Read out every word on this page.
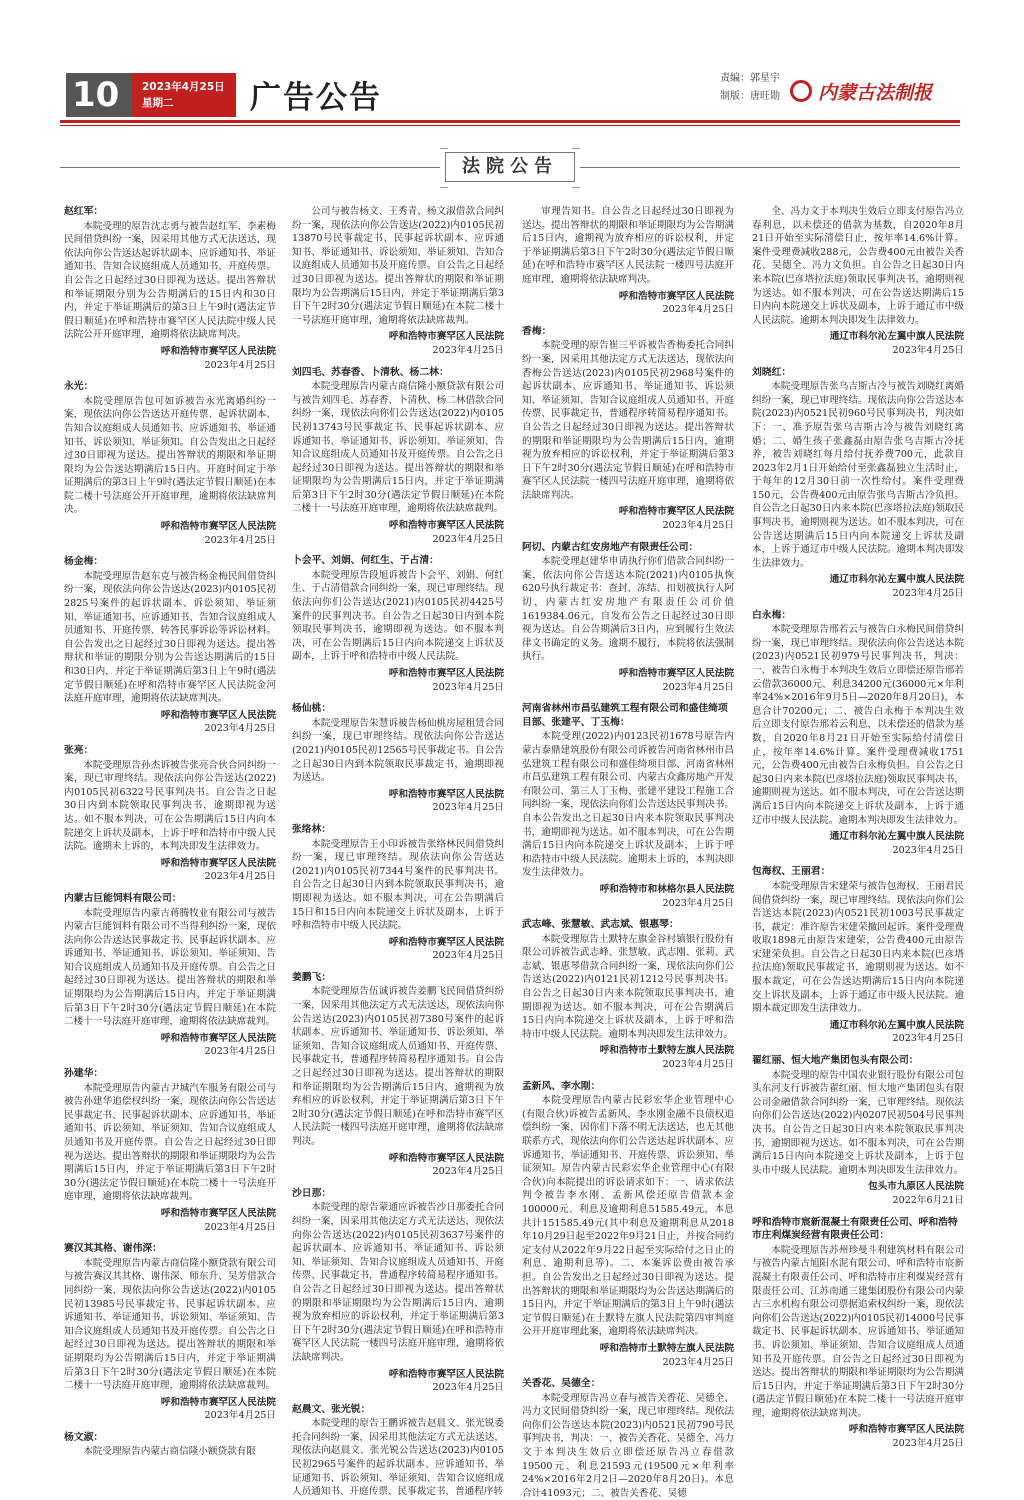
$10^版$
2023年4月25日
星期二	广告公告
责编：郭星宇
制版：唐旺勋 内蒙古法制报
法院公告

赵红军：

本院受理的原告沈志勇与被告赵红军、李素梅民间借贷纠纷一案，因采用其他方式无法送达，现依法向你公告送达起诉状副本、应诉通知书、举证通知书、告知合议庭组成人员通知书、开庭传票。自公告之日起经过30日即视为送达。提出答辩状和举证期限分别为公告期满后的15日内和30日内，并定于举证期满后的第3日上午9时(遇法定节假日顺延)在呼和浩特市赛罕区人民法院中级人民法院公开开庭审理，逾期将依法缺席判决。

呼和浩特市赛罕区人民法院

2023年4月25日

永光：

本院受理原告包可如诉被告永光离婚纠纷一案，现依法向你公告送达开庭传票、起诉状副本、告知合议庭组成人员通知书、应诉通知书、举证通知书、诉讼须知、举证须知。自公告发出之日起经过30日即视为送达。提出答辩状的期限和举证期限均为公告送达期满后15日内。开庭时间定于举证期满后的第3日上午9时(遇法定节假日顺延)在本院二楼十号法庭公开开庭审理，逾期将依法缺席判决。

呼和浩特市赛罕区人民法院

2023年4月25日

杨金梅：

本院受理原告赵东克与被告杨金梅民间借贷纠纷一案，现依法向你公告送达(2023)内0105民初2825号案件的起诉状副本、诉讼须知、举证须知、举证通知书、应诉通知书、告知合议庭组成人员通知书、开庭传票、转答民事诉讼等诉讼材料。自公告发出之日起经过30日即视为送达。提出答辩状和举证的期限分别为公告送达期满后的15日和30日内，并定于举证期满后第3日上午9时(遇法定节假日顺延)在呼和浩特市赛罕区人民法院金河法庭开庭审理，逾期将依法缺席判决。

呼和浩特市赛罕区人民法院

2023年4月25日

张亮：

本院受理原告孙杰诉被告张亮合伙合同纠纷一案，现已审理终结。现依法向你公告送达(2022)内0105民初6322号民事判决书。自公告之日起30日内到本院领取民事判决书，逾期即视为送达。如不服本判决，可在公告期满后15日内向本院递交上诉状及副本，上诉于呼和浩特市中级人民法院。逾期未上诉的，本判决即发生法律效力。

呼和浩特市赛罕区人民法院

2023年4月25日

内蒙古巨能饲料有限公司：

本院受理原告内蒙古蒋腾牧业有限公司与被告内蒙古巨能饲料有限公司不当得利纠纷一案，现依法向你公告送达民事裁定书、民事起诉状副本、应诉通知书、举证通知书、诉讼须知、举证须知、告知合议庭组成人员通知书及开庭传票。自公告之日起经过30日即视为送达。提出答辩状的期限和举证期限均为公告期满后15日内，并定于举证期满后第3日下午2时30分(遇法定节假日顺延)在本院二楼十一号法庭开庭审理，逾期将依法缺席裁判。

呼和浩特市赛罕区人民法院

2023年4月25日

孙建华：

本院受理原告内蒙古尹城汽车服务有限公司与被告孙建华追偿权纠纷一案，现依法向你公告送达民事裁定书、民事起诉状副本、应诉通知书、举证通知书、诉讼须知、举证须知、告知合议庭组成人员通知书及开庭传票。自公告之日起经过30日即视为送达。提出答辩状的期限和举证期限均为公告期满后15日内，并定于举证期满后第3日下午2时30分(遇法定节假日顺延)在本院二楼十一号法庭开庭审理，逾期将依法缺席裁判。

呼和浩特市赛罕区人民法院

2023年4月25日

赛汉其其格、谢伟深：

本院受理原告内蒙古商信隆小额贷款有限公司与被告赛汉其其格、谢伟深、师东升、吴芳借款合同纠纷一案，现依法向你公告送达(2022)内0105民初13985号民事裁定书、民事起诉状副本、应诉通知书、举证通知书、诉讼须知、举证须知、告知合议庭组成人员通知书及开庭传票。自公告之日起经过30日即视为送达。提出答辩状的期限和举证期限均为公告期满后15日内，并定于举证期满后第3日下午2时30分(遇法定节假日顺延)在本院二楼十一号法庭开庭审理，逾期将依法缺席裁判。

呼和浩特市赛罕区人民法院

2023年4月25日

杨文淑：

本院受理原告内蒙古商信隆小额贷款有限

公司与被告杨文、王秀青、杨文淑借款合同纠纷一案，现依法向你公告送达(2022)内0105民初13870号民事裁定书、民事起诉状副本、应诉通知书、举证通知书、诉讼须知、举证须知、告知合议庭组成人员通知书及开庭传票。自公告之日起经过30日即视为送达。提出答辩状的期限和举证期限均为公告期满后15日内，并定于举证期满后第3日下午2时30分(遇法定节假日顺延)在本院二楼十一号法庭开庭审理，逾期将依法缺席裁判。

呼和浩特市赛罕区人民法院

2023年4月25日

刘四毛、苏春香、卜清秋、杨二林：

本院受理原告内蒙古商信隆小额贷款有限公司与被告刘四毛、苏春香、卜清秋、杨二林借款合同纠纷一案，现依法向你们公告送达(2022)内0105民初13743号民事裁定书、民事起诉状副本、应诉通知书、举证通知书、诉讼须知、举证须知、告知合议庭组成人员通知书及开庭传票。自公告之日起经过30日即视为送达。提出答辩状的期限和举证期限均为公告期满后15日内，并定于举证期满后第3日下午2时30分(遇法定节假日顺延)在本院二楼十一号法庭开庭审理，逾期将依法缺席裁判。

呼和浩特市赛罕区人民法院

2023年4月25日

卜会平、刘娟、何红生、于占清：

本院受理原告段旭诉被告卜会平、刘娟、何红生、于占清借款合同纠纷一案，现已审理终结。现依法向你们公告送达(2021)内0105民初4425号案件的民事判决书。自公告之日起30日内到本院领取民事判决书，逾期即视为送达。如不服本判决，可在公告期满后15日内向本院递交上诉状及副本，上诉于呼和浩特市中级人民法院。

呼和浩特市赛罕区人民法院

2023年4月25日

杨仙桃：

本院受理原告朱慧诉被告杨仙桃房屋租赁合同纠纷一案，现已审理终结。现依法向你公告送达(2021)内0105民初12565号民事裁定书。自公告之日起30日内到本院领取民事裁定书，逾期即视为送达。

呼和浩特市赛罕区人民法院

2023年4月25日

张络林：

本院受理原告王小印诉被告张络林民间借贷纠纷一案，现已审理终结。现依法向你公告送达(2021)内0105民初7344号案件的民事判决书。自公告之日起30日内到本院领取民事判决书，逾期即视为送达。如不服本判决，可在公告期满后15日和15日内向本院递交上诉状及副本，上诉于呼和浩特市中级人民法院。

呼和浩特市赛罕区人民法院

2023年4月25日

姜鹏飞：

本院受理原告伍诚诉被告姜鹏飞民间借贷纠纷一案，因采用其他法定方式无法送达，现依法向你公告送达(2023)内0105民初7380号案件的起诉状副本、应诉通知书、举证通知书、诉讼须知、举证须知、告知合议庭组成人员通知书、开庭传票、民事裁定书，普通程序转简易程序通知书。自公告之日起经过30日即视为送达。提出答辩状的期限和举证期限均为公告期满后15日内，逾期视为放弃相应的诉讼权利，并定于举证期满后第3日下午2时30分(遇法定节假日顺延)在呼和浩特市赛罕区人民法院一楼四号法庭开庭审理，逾期将依法缺席判决。

呼和浩特市赛罕区人民法院

2023年4月25日

沙日那：

本院受理的原告蒙通应诉被告沙日那委托合同纠纷一案，因采用其他法定方式无法送达，现依法向你公告送达(2022)内0105民初3637号案件的起诉状副本、应诉通知书、举证通知书、诉讼须知、举证须知、告知合议庭组成人员通知书、开庭传票、民事裁定书，普通程序转简易程序通知书。自公告之日起经过30日即视为送达。提出答辩状的期限和举证期限均为公告期满后15日内，逾期视为放弃相应的诉讼权利，并定于举证期满后第3日下午2时30分(遇法定节假日顺延)在呼和浩特市赛罕区人民法院一楼四号法庭开庭审理，逾期将依法缺席判决。

呼和浩特市赛罕区人民法院

2023年4月25日

赵晨文、张光锐：

本院受理的原告王鹏诉被告赵晨文、张光锐委托合同纠纷一案，因采用其他法定方式无法送达，现依法向赵晨文、张光锐公告送达(2023)内0105民初2965号案件的起诉状副本、应诉通知书、举证通知书、诉讼须知、举证须知、告知合议庭组成人员通知书、开庭传票、民事裁定书，普通程序转

审理告知书。自公告之日起经过30日即视为送达。提出答辩状的期限和举证期限均为公告期满后15日内，逾期视为放弃相应的诉讼权利，并定于举证期满后第3日下午2时30分(遇法定节假日顺延)在呼和浩特市赛罕区人民法院一楼四号法庭开庭审理，逾期将依法缺席判决。

呼和浩特市赛罕区人民法院

2023年4月25日

香梅：

本院受理的原告崔三平诉被告香梅委托合同纠纷一案，因采用其他法定方式无法送达，现依法向香梅公告送达(2023)内0105民初2968号案件的起诉状副本、应诉通知书、举证通知书、诉讼须知、举证须知、告知合议庭组成人员通知书、开庭传票、民事裁定书，普通程序转简易程序通知书。自公告之日起经过30日即视为送达。提出答辩状的期限和举证期限均为公告期满后15日内，逾期视为放弃相应的诉讼权利，并定于举证期满后第3日下午2时30分(遇法定节假日顺延)在呼和浩特市赛罕区人民法院一楼四号法庭开庭审理，逾期将依法缺席判决。

呼和浩特市赛罕区人民法院

2023年4月25日

阿切、内蒙古红安房地产有限责任公司：

本院受理赵建华申请执行你们借款合同纠纷一案，依法向你公告送达本院(2021)内0105执恢620号执行裁定书：查封、冻结、扣划被执行人阿切、内蒙古红安房地产有限责任公司价值1619384.06元，自发布公告之日起经过30日即视为送达。自公告期满后3日内，应到履行生效法律文书确定的义务。逾期不履行，本院将依法强制执行。

呼和浩特市赛罕区人民法院

2023年4月25日

河南省林州市昌弘建筑工程有限公司和盛佳绮项目部、张建平、丁玉梅：

本院受理(2022)内0123民初1678号原告内蒙古泰鼎建筑股份有限公司诉被告河南省林州市昌弘建筑工程有限公司和盛佳绮项目部、河南省林州市昌弘建筑工程有限公司、内蒙古众鑫房地产开发有限公司、第三人丁玉梅、张建平建设工程施工合同纠纷一案，现依法向你们公告送达民事判决书。自本公告发出之日起30日内来本院领取民事判决书，逾期即视为送达。如不服本判决，可在公告期满后15日内向本院递交上诉状及副本，上诉于呼和浩特市中级人民法院。逾期未上诉的，本判决即发生法律效力。

呼和浩特市和林格尔县人民法院

2023年4月25日

武志峰、张慧敏、武志斌、银惠琴：

本院受理原告土默特左旗金谷村镇银行股份有限公司诉被告武志峰、张慧敏、武志刚、张莉、武志斌、银惠琴借款合同纠纷一案，现依法向你们公告送达(2022)内0121民初1212号民事判决书。自公告之日起30日内来本院领取民事判决书，逾期即视为送达。如不服本判决，可在公告期满后15日内向本院递交上诉状及副本，上诉于呼和浩特市中级人民法院。逾期本判决即发生法律效力。

呼和浩特市土默特左旗人民法院

2023年4月25日

孟新风、李水刚：

本院受理原告内蒙古民彩宏华企业管理中心(有限合伙)诉被告孟新风、李水刚金融不良债权追偿纠纷一案，因你们下落不明无法送达，也无其他联系方式，现依法向你们公告送达起诉状副本、应诉通知书、举证通知书、开庭传票、诉讼须知、举证须知。原告内蒙古民彩宏华企业管理中心(有限合伙)向本院提出的诉讼请求如下：一、请求依法判令被告李水刚、孟新风偿还原告借款本金100000元、利息及逾期利息51585.49元，本息共计151585.49元(其中利息及逾期利息从2018年10月29日起至2022年9月21日止，并按合同约定支付从2022年9月22日起至实际给付之日止的利息、逾期利息等)。二、本案诉讼费由被告承担。自公告发出之日起经过30日即视为送达。提出答辩状的期限和举证期限均为公告送达期满后的15日内，并定于举证期满后的第3日上午9时(遇法定节假日顺延)在土默特左旗人民法院第四审判庭公开开庭审理此案，逾期将依法缺席判决。

呼和浩特市土默特左旗人民法院

2023年4月25日

关香花、吴德全：

本院受理原告冯立春与被告关香花、吴德全、冯力文民间借贷纠纷一案，现已审理终结。现依法向你们公告送达本院(2023)内0521民初790号民事判决书，判决：一、被告关香花、吴德全、冯力文于本判决生效后立即偿还原告冯立春借款19500元、利息21593元(19500元×年利率24%×2016年2月2日—2020年8月20日)。本息合计41093元；二、被告关香花、吴德

全、冯力文于本判决生效后立即支付原告冯立春利息，以未偿还的借款为基数，自2020年8月21日开始至实际清偿日止，按年率14.6%计算。案件受理费减收288元，公告费400元由被告关香花、吴德全、冯力文负担。自公告之日起30日内来本院(巴彦塔拉法庭)领取民事判决书，逾期则视为送达。如不服本判决，可在公告送达期满后15日内向本院递交上诉状及副本，上诉于通辽市中级人民法院。逾期本判决即发生法律效力。

通辽市科尔沁左翼中旗人民法院

2023年4月25日

刘晓红：

本院受理原告张乌吉斯古冷与被告刘晓红离婚纠纷一案，现已审理终结。现依法向你公告送达本院(2023)内0521民初960号民事判决书，判决如下：一、准予原告张乌吉斯古冷与被告刘晓红离婚；二、婚生孩子张鑫磊由原告张乌吉斯古冷抚养，被告刘晓红每月给付抚养费700元，此款自2023年2月1日开始给付至张鑫磊独立生活时止，于每年的12月30日前一次性给付。案件受理费150元，公告费400元由原告张乌吉斯古冷负担。自公告之日起30日内来本院(巴彦塔拉法庭)领取民事判决书，逾期则视为送达。如不服本判决，可在公告送达期满后15日内向本院递交上诉状及副本，上诉于通辽市中级人民法院。逾期本判决即发生法律效力。

通辽市科尔沁左翼中旗人民法院

2023年4月25日

白永梅：

本院受理原告邢若云与被告白永梅民间借贷纠纷一案，现已审理终结。现依法向你公告送达本院(2023)内0521民初979号民事判决书，判决：一、被告白永梅于本判决生效后立即偿还原告邢若云借款36000元、利息34200元(36000元×年利率24%×2016年9月5日—2020年8月20日)，本息合计70200元；二、被告白永梅于本判决生效后立即支付原告邢若云利息，以未偿还的借款为基数，自2020年8月21日开始至实际给付清偿日止，按年率14.6%计算。案件受理费减收1751元，公告费400元由被告白永梅负担。自公告之日起30日内来本院(巴彦塔拉法庭)领取民事判决书，逾期则视为送达。如不服本判决，可在公告送达期满后15日内向本院递交上诉状及副本，上诉于通辽市中级人民法院。逾期本判决即发生法律效力。

通辽市科尔沁左翼中旗人民法院

2023年4月25日

包海权、王丽君：

本院受理原告宋建荣与被告包海权、王丽君民间借贷纠纷一案，现已审理终结。现依法向你们公告送达本院(2023)内0521民初1003号民事裁定书，裁定：准许原告宋建荣撤回起诉。案件受理费收取1898元由原告宋建荣，公告费400元由原告宋建荣负担。自公告之日起30日内来本院(巴彦塔拉法庭)领取民事裁定书，逾期则视为送达。如不服本裁定，可在公告送达期满后15日内向本院递交上诉状及副本，上诉于通辽市中级人民法院。逾期本裁定即发生法律效力。

通辽市科尔沁左翼中旗人民法院

2023年4月25日

翟红丽、恒大地产集团包头有限公司：

本院受理的原告中国农业银行股份有限公司包头东河支行诉被告翟红丽、恒大地产集团包头有限公司金融借款合同纠纷一案，已审理终结。现依法向你们公告送达(2022)内0207民初504号民事判决书。自公告之日起30日内来本院领取民事判决书，逾期即视为送达。如不服本判决，可在公告期满后15日内向本院递交上诉状及副本，上诉于包头市中级人民法院。逾期本判决即发生法律效力。

包头市九原区人民法院

2022年6月21日

呼和浩特市宸新混凝土有限责任公司、呼和浩特市庄利煤炭经营有限责任公司：

本院受理原告苏州珍曼斗利建筑材料有限公司与被告内蒙古旭阳水泥有限公司、呼和浩特市宸新混凝土有限责任公司、呼和浩特市庄利煤炭经营有限责任公司、江苏南通三建集团股份有限公司内蒙古三水机构有限公司票据追索权纠纷一案，现依法向你们公告送达(2022)内0105民初14000号民事裁定书、民事起诉状副本、应诉通知书、举证通知书、诉讼须知、举证须知、告知合议庭组成人员通知书及开庭传票。自公告之日起经过30日即视为送达。提出答辩状的期限和举证期限均为公告期满后15日内，并定于举证期满后第3日下午2时30分(遇法定节假日顺延)在本院二楼十一号法庭开庭审理，逾期将依法缺席判决。

呼和浩特市赛罕区人民法院

2023年4月25日
